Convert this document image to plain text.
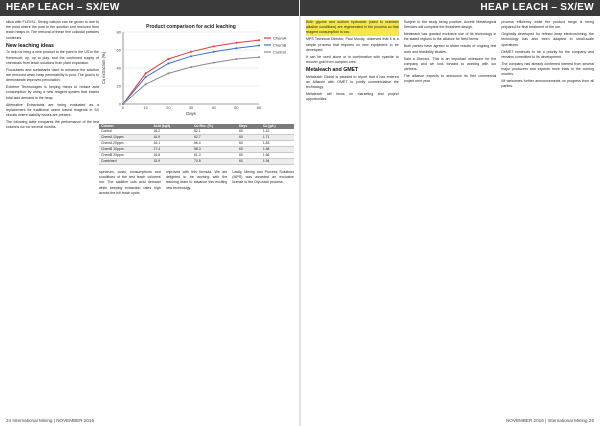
HEAP LEACH – SX/EW

silica with FLEXSL. Strong cations can be grown to due to the point where the pore in the solution and removed from leach heaps in. The removal of these fine colloidal particles continues.

New leaching ideas

To help us bring a new product to the point in the US in the Kennecott, up, up to play, and the continued supply of chemicals from leach solutions from plant expansion.

Flocculants and surfactants used to enhance the solution are removed when heap permeability is poor. The goal is to demonstrate improved percolation.

Extreme Technologies is helping mines to reduce acid consumption by using a new reagent system that lowers total acid demand in the heap.

Alternative Extractants are being evaluated as a replacement for traditional oxime based reagents in SX circuits where stability issues are present.

The following table compares the performance of the test columns run for several months.

Product comparison for acid leaching
0
20
40
60
80
0	10	20	30	40	50	60
Days
Cu extraction (%)
ChemA
ChemB
Control
Column	Acid (kg/t)	Cu Rec. (%)	Days	Cu (g/L)
Control	18.2	52.1	60	1.42
ChemA 10ppm	16.9	62.7	60	1.71
ChemA 20ppm	16.1	66.4	60	1.83
ChemB 10ppm	17.4	58.3	60	1.58
ChemB 20ppm	16.8	61.0	60	1.66
Combined	15.9	70.8	60	1.94

spectrum, costs, consumptions and conditions of the test leach columns run. The additive cuts acid demand while keeping extraction rates high across the full leach cycle.

improved with this formula. We are delighted to be working with the leaching team to advance this exciting new technology.

Lastly, Mining and Process Solutions (MPS) was awarded an exclusive license to the GlyLeach process.

24 International Mining | NOVEMBER 2016
HEAP LEACH – SX/EW

Both glycine and sodium hydroxide (used to maintain alkaline conditions) are regenerated in the process so that reagent consumption is low.

MPS Technical Director, Paul Moody, observed that it is a simple process that requires no new equipment to be developed.

It can be used alone or in combination with cyanide to recover gold from complex ores.

Metaleach and GMET

Metaleach Global is pleased to report that it has entered an Alliance with GMET to jointly commercialise the technology.

Metaleach will focus on marketing and project opportunities.

Subject to the study being positive, Accele Metallurgical Services will complete the flowsheet design.

Metaleach has granted exclusive use of its technology in the stated regions to the alliance for fixed terms.

Both parties have agreed to share results of ongoing test work and feasibility studies.

Said a Director, 'This is an important milestone for the company and we look forward to working with our partners.'

The alliance expects to announce its first commercial project next year.

process efficiency while the product range is being prepared for final treatment of the ore.

Originally developed for refined heap electrowinning, the technology has also been adapted to small-scale operations.

DeMET continues to be a priority for the company and remains committed to its development.

The company has already confirmed interest from several major producers and expects more trials in the coming months.

IM welcomes further announcements on progress from all parties.

NOVEMBER 2016 | International Mining 25
